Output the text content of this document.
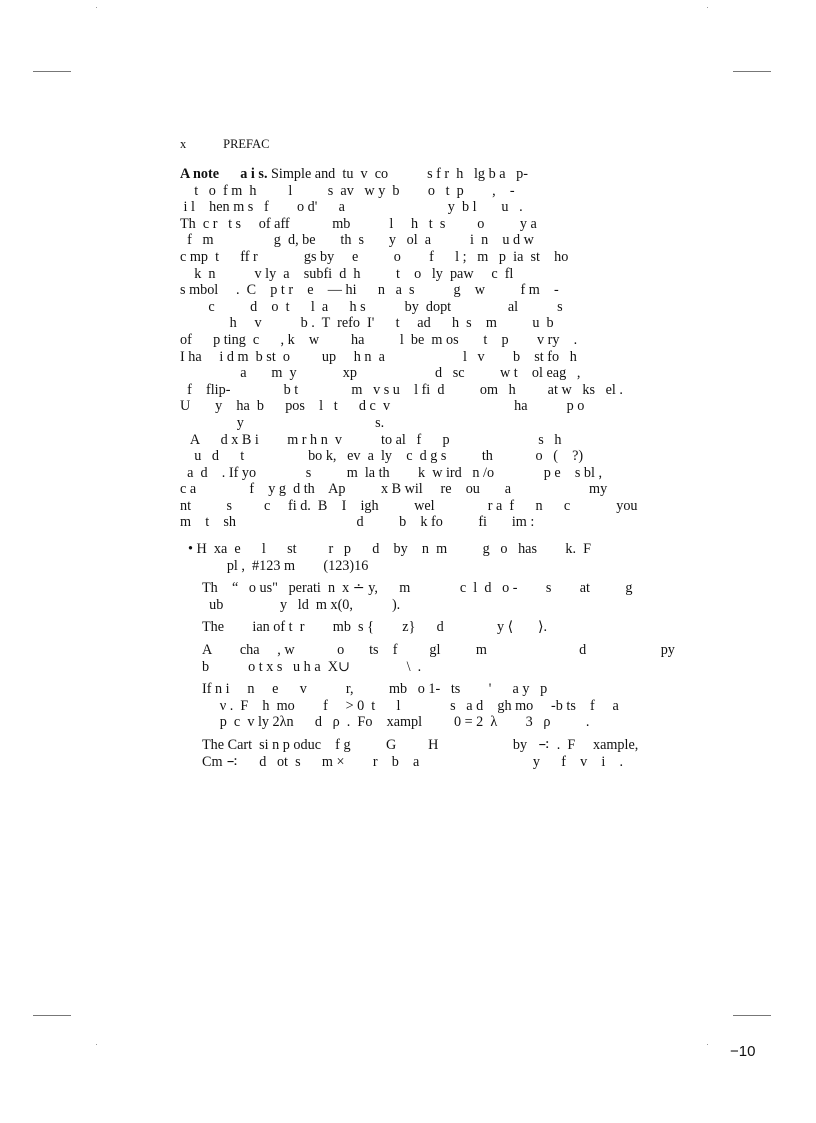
x	PREFAC
A note      a i s. Simple and  tu  v  co           s f r  h   lg b a   p-
t   o  f m  h         l          s  av   w y  b        o   t  p        ,    -
i l    hen m s   f        o d'      a                             y  b l       u   .
Th  c r   t s     of aff            mb           l     h   t  s         o          y a
f   m                 g  d, be       th  s       y   ol  a           i  n    u d w
c mp  t      ff r             gs by     e          o        f      l ;   m   p  ia  st    ho
k  n           v ly  a    subfi  d  h          t    o   ly  paw     c  fl
s mbol     .  C    p t r    e    — hi      n   a  s           g    w          f m    -
c          d    o  t      l  a      h s           by  dopt                al           s
h     v           b .  T  refo  I'      t     ad      h  s    m          u  b
of      p ting  c      , k    w         ha          l  be  m os       t    p        v ry    .
I ha     i d m  b st  o         up     h n  a                      l   v        b    st fo   h
a       m  y             xp                      d   sc          w t    ol eag   ,
f    flip-               b t               m   v s u    l fi  d          om   h         at w   ks   el .
U       y    ha  b      pos    l   t      d c  v                                   ha           p o
y                                     s.
A      d x B i        m r h n  v           to al   f      p                         s   h
u   d      t                  bo k,   ev  a  ly    c  d g s          th            o   (    ?)
a  d    . If yo              s          m  la th        k  w ird   n /o              p e    s bl ,
c a               f    y g  d th    Ap          x B wil     re    ou       a                      my
nt          s         c     fi d.  B    I    igh          wel               r a  f      n      c             you
m    t    sh                                  d          b    k fo          fi       im :
• H  xa  e      l      st         r   p      d    by    n  m          g   o   has        k.  F
pl ,  #123 m        (123)16
Th    “   o us"   perati  n  x ∸ y,      m              c  l  d   o -        s        at          g
ub                y   ld  m x(0,           ).
The        ian of t  r        mb  s {        z}      d               y ⟨       ⟩.
A        cha     , w            o       ts    f         gl          m                          d                     py
b           o t x s   u h a  X∪                \  .
If n i     n     e      v           r,          mb   o 1-   ts        '      a y   p
ν .  F    h  mo        f     > 0  t      l              s   a d    gh mo     -b ts    f     a
p  c  v ly 2λn      d   ρ  .  Fo    xampl         0 = 2  λ        3   ρ          .
The Cart  si n p oduc    f g          G         H                     by   ∹  .  F     xample,
Cm ∹      d   ot  s      m ×        r    b    a                                y      f    v    i    .
−10
